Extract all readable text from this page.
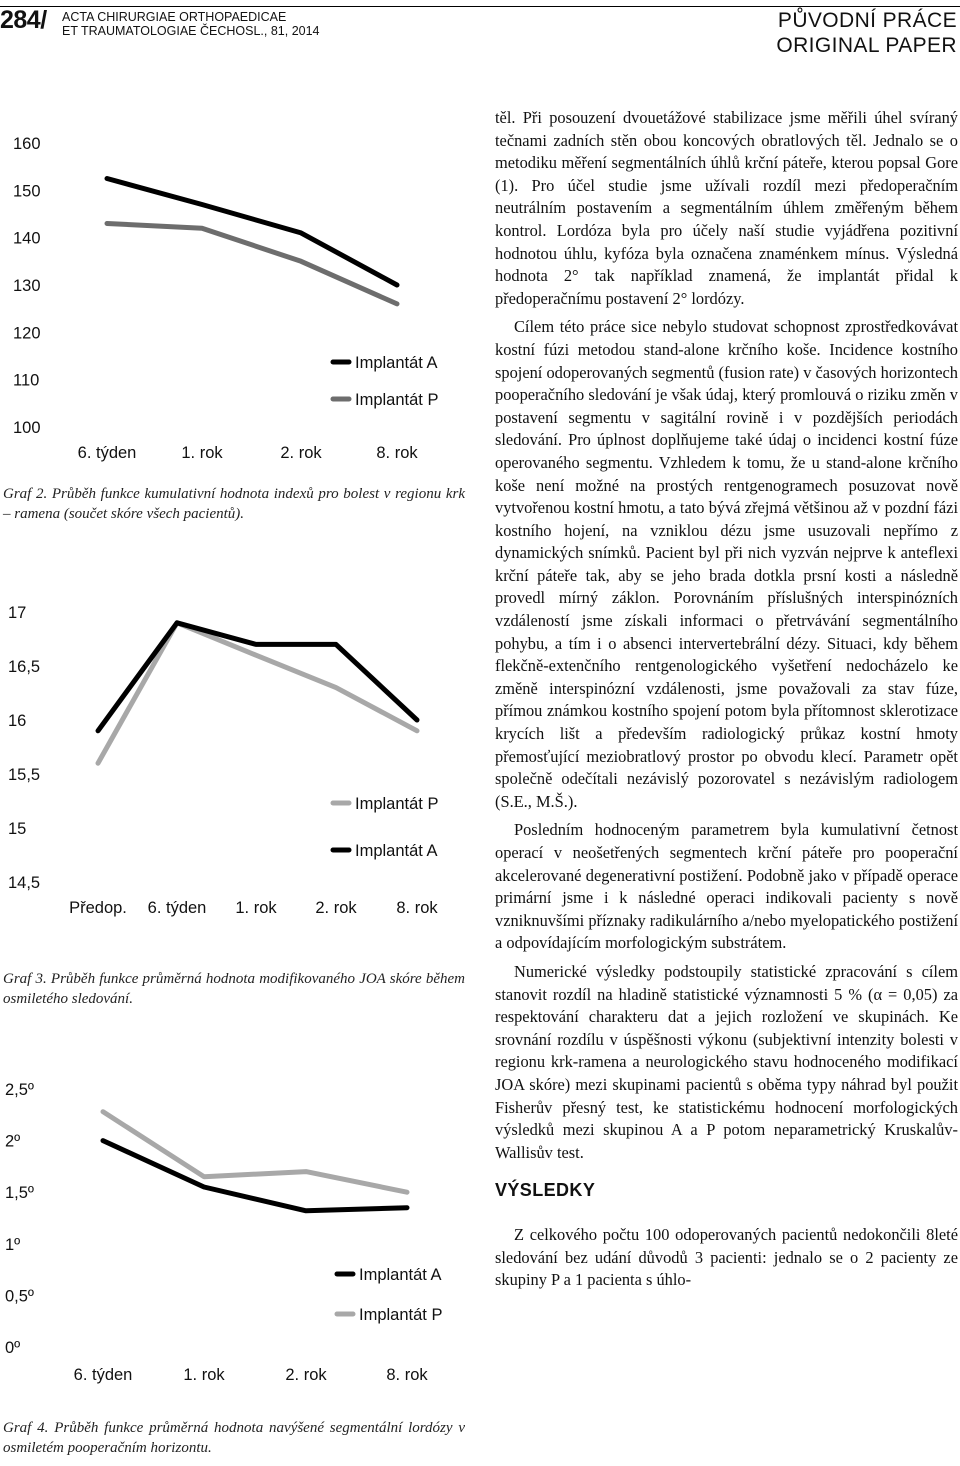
284/ ACTA CHIRURGIAE ORTHOPAEDICAE
ET TRAUMATOLOGIAE ČECHOSL., 81, 2014	PŮVODNÍ PRÁCE
ORIGINAL PAPER
160
150
140
130
120
110
100
6. týden	1. rok	2. rok	8. rok
Implantát A
Implantát P
Graf 2. Průběh funkce kumulativní hodnota indexů pro bolest v regionu krk – ramena (součet skóre všech pacientů).
17
16,5
16
15,5
15
14,5
Předop. 6. týden 1. rok 2. rok 8. rok
Implantát P
Implantát A
Graf 3. Průběh funkce průměrná hodnota modifikovaného JOA skóre během osmiletého sledování.
2,5º
2º
1,5º
1º
0,5º
0º
6. týden	1. rok	2. rok	8. rok
Implantát A
Implantát P
Graf 4. Průběh funkce průměrná hodnota navýšené segmentální lordózy v osmiletém pooperačním horizontu.

těl. Při posouzení dvouetážové stabilizace jsme měřili úhel svíraný tečnami zadních stěn obou koncových obratlových těl. Jednalo se o metodiku měření segmentálních úhlů krční páteře, kterou popsal Gore (1). Pro účel studie jsme užívali rozdíl mezi předoperačním neutrálním postavením a segmentálním úhlem změřeným během kontrol. Lordóza byla pro účely naší studie vyjádřena pozitivní hodnotou úhlu, kyfóza byla označena znaménkem mínus. Výsledná hodnota 2° tak například znamená, že implantát přidal k předoperačnímu postavení 2° lordózy.

Cílem této práce sice nebylo studovat schopnost zprostředkovávat kostní fúzi metodou stand-alone krčního koše. Incidence kostního spojení odoperovaných segmentů (fusion rate) v časových horizontech pooperačního sledování je však údaj, který promlouvá o riziku změn v postavení segmentu v sagitální rovině i v pozdějších periodách sledování. Pro úplnost doplňujeme také údaj o incidenci kostní fúze operovaného segmentu. Vzhledem k tomu, že u stand-alone krčního koše není možné na prostých rentgenogramech posuzovat nově vytvořenou kostní hmotu, a tato bývá zřejmá většinou až v pozdní fázi kostního hojení, na vzniklou dézu jsme usuzovali nepřímo z dynamických snímků. Pacient byl při nich vyzván nejprve k anteflexi krční páteře tak, aby se jeho brada dotkla prsní kosti a následně provedl mírný záklon. Porovnáním příslušných interspinózních vzdáleností jsme získali informaci o přetrvávání segmentálního pohybu, a tím i o absenci intervertebrální dézy. Situaci, kdy během flekčně-extenčního rentgenologického vyšetření nedocházelo ke změně interspinózní vzdálenosti, jsme považovali za stav fúze, přímou známkou kostního spojení potom byla přítomnost sklerotizace krycích lišt a především radiologický průkaz kostní hmoty přemosťující meziobratlový prostor po obvodu klecí. Parametr opět společně odečítali nezávislý pozorovatel s nezávislým radiologem (S.E., M.Š.).

Posledním hodnoceným parametrem byla kumulativní četnost operací v neošetřených segmentech krční páteře pro pooperační akcelerované degenerativní postižení. Podobně jako v případě operace primární jsme i k následné operaci indikovali pacienty s nově vzniknuvšími příznaky radikulárního a/nebo myelopatického postižení a odpovídajícím morfologickým substrátem.

Numerické výsledky podstoupily statistické zpracování s cílem stanovit rozdíl na hladině statistické významnosti 5 % (α = 0,05) za respektování charakteru dat a jejich rozložení ve skupinách. Ke srovnání rozdílu v úspěšnosti výkonu (subjektivní intenzity bolesti v regionu krk-ramena a neurologického stavu hodnoceného modifikací JOA skóre) mezi skupinami pacientů s oběma typy náhrad byl použit Fisherův přesný test, ke statistickému hodnocení morfologických výsledků mezi skupinou A a P potom neparametrický Kruskalův-Wallisův test.

VÝSLEDKY

Z celkového počtu 100 odoperovaných pacientů nedokončili 8leté sledování bez udání důvodů 3 pacienti: jednalo se o 2 pacienty ze skupiny P a 1 pacienta s úhlo-
